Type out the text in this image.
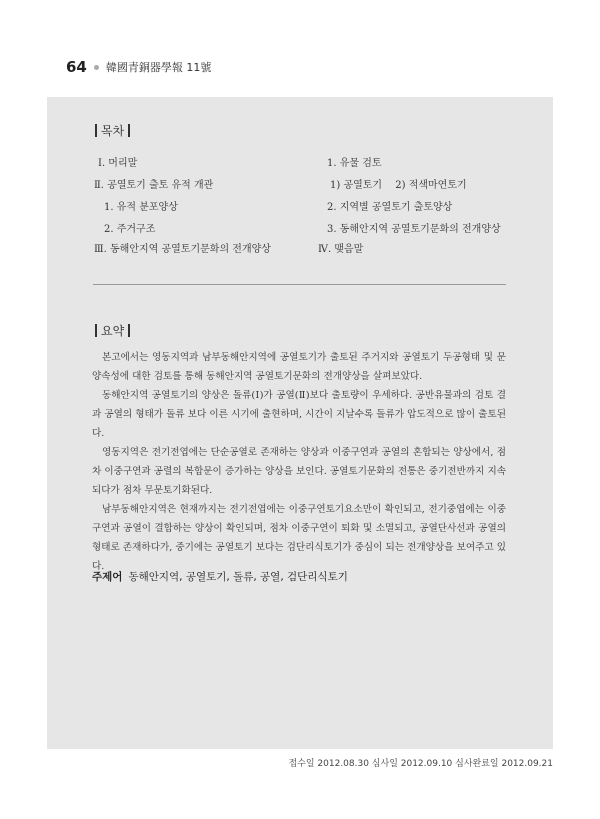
64 韓國青銅器學報 11號
목차
Ⅰ. 머리말
Ⅱ. 공열토기 출토 유적 개관
1. 유적 분포양상
2. 주거구조
Ⅲ. 동해안지역 공열토기문화의 전개양상
1. 유물 검토
1) 공열토기　 2) 적색마연토기
2. 지역별 공열토기 출토양상
3. 동해안지역 공열토기문화의 전개양상
Ⅳ. 맺음말
요약

본고에서는 영동지역과 남부동해안지역에 공열토기가 출토된 주거지와 공열토기 두공형태 및 문양속성에 대한 검토를 통해 동해안지역 공열토기문화의 전개양상을 살펴보았다.

동해안지역 공열토기의 양상은 돌류(Ⅰ)가 공열(Ⅱ)보다 출토량이 우세하다. 공반유물과의 검토 결과 공열의 형태가 돌류 보다 이른 시기에 출현하며, 시간이 지날수록 돌류가 압도적으로 많이 출토된다.

영동지역은 전기전엽에는 단순공열로 존재하는 양상과 이중구연과 공열의 혼합되는 양상에서, 점차 이중구연과 공렬의 복합문이 증가하는 양상을 보인다. 공열토기문화의 전통은 중기전반까지 지속되다가 점차 무문토기화된다.

남부동해안지역은 현재까지는 전기전엽에는 이중구연토기요소만이 확인되고, 전기중엽에는 이중구연과 공열이 결합하는 양상이 확인되며, 점차 이중구연이 퇴화 및 소멸되고, 공열단사선과 공열의 형태로 존재하다가, 중기에는 공열토기 보다는 검단리식토기가 중심이 되는 전개양상을 보여주고 있다.

주제어 동해안지역, 공열토기, 돌류, 공열, 검단리식토기
접수일 2012.08.30 심사일 2012.09.10 심사완료일 2012.09.21
